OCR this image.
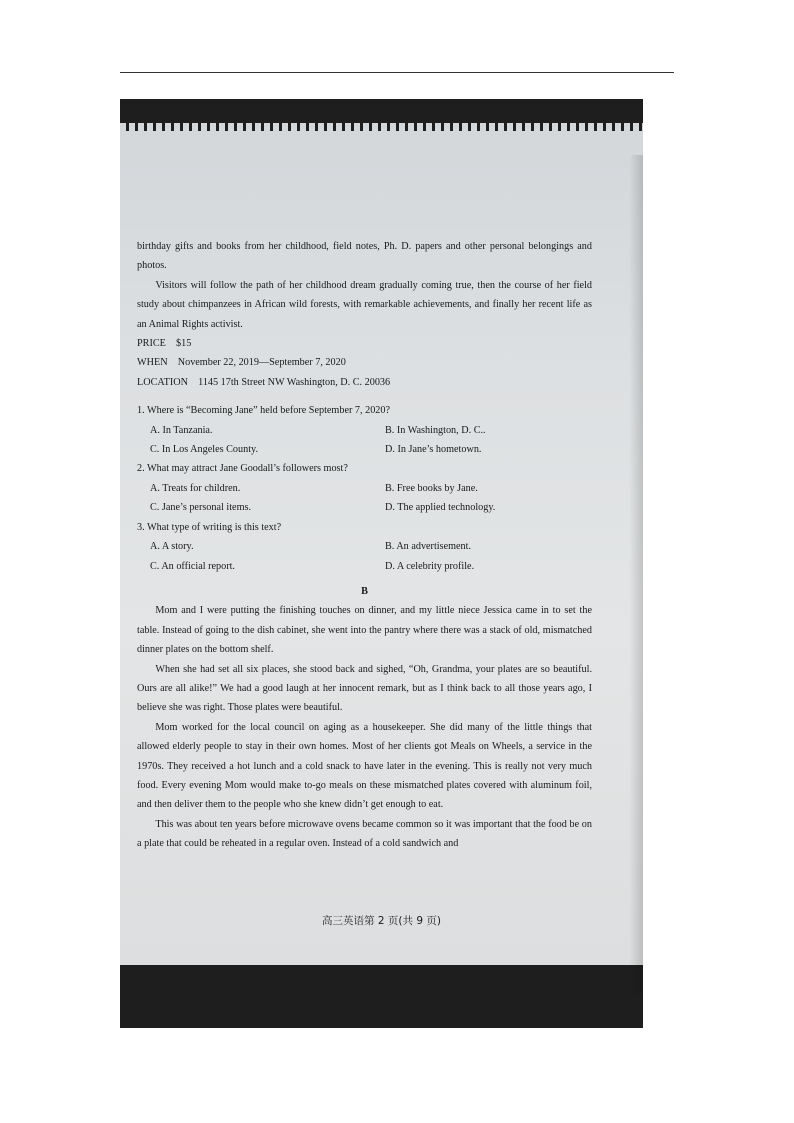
birthday gifts and books from her childhood, field notes, Ph. D. papers and other personal belongings and photos.

Visitors will follow the path of her childhood dream gradually coming true, then the course of her field study about chimpanzees in African wild forests, with remarkable achievements, and finally her recent life as an Animal Rights activist.

PRICE    $15

WHEN    November 22, 2019—September 7, 2020

LOCATION    1145 17th Street NW Washington, D. C. 20036

1. Where is “Becoming Jane” held before September 7, 2020?

A. In Tanzania.	B. In Washington, D. C..
C. In Los Angeles County.	D. In Jane’s hometown.

2. What may attract Jane Goodall’s followers most?

A. Treats for children.	B. Free books by Jane.
C. Jane’s personal items.	D. The applied technology.

3. What type of writing is this text?

A. A story.	B. An advertisement.
C. An official report.	D. A celebrity profile.

B

Mom and I were putting the finishing touches on dinner, and my little niece Jessica came in to set the table. Instead of going to the dish cabinet, she went into the pantry where there was a stack of old, mismatched dinner plates on the bottom shelf.

When she had set all six places, she stood back and sighed, “Oh, Grandma, your plates are so beautiful. Ours are all alike!” We had a good laugh at her innocent remark, but as I think back to all those years ago, I believe she was right. Those plates were beautiful.

Mom worked for the local council on aging as a housekeeper. She did many of the little things that allowed elderly people to stay in their own homes. Most of her clients got Meals on Wheels, a service in the 1970s. They received a hot lunch and a cold snack to have later in the evening. This is really not very much food. Every evening Mom would make to-go meals on these mismatched plates covered with aluminum foil, and then deliver them to the people who she knew didn’t get enough to eat.

This was about ten years before microwave ovens became common so it was important that the food be on a plate that could be reheated in a regular oven. Instead of a cold sandwich and

高三英语第 2 页(共 9 页)
